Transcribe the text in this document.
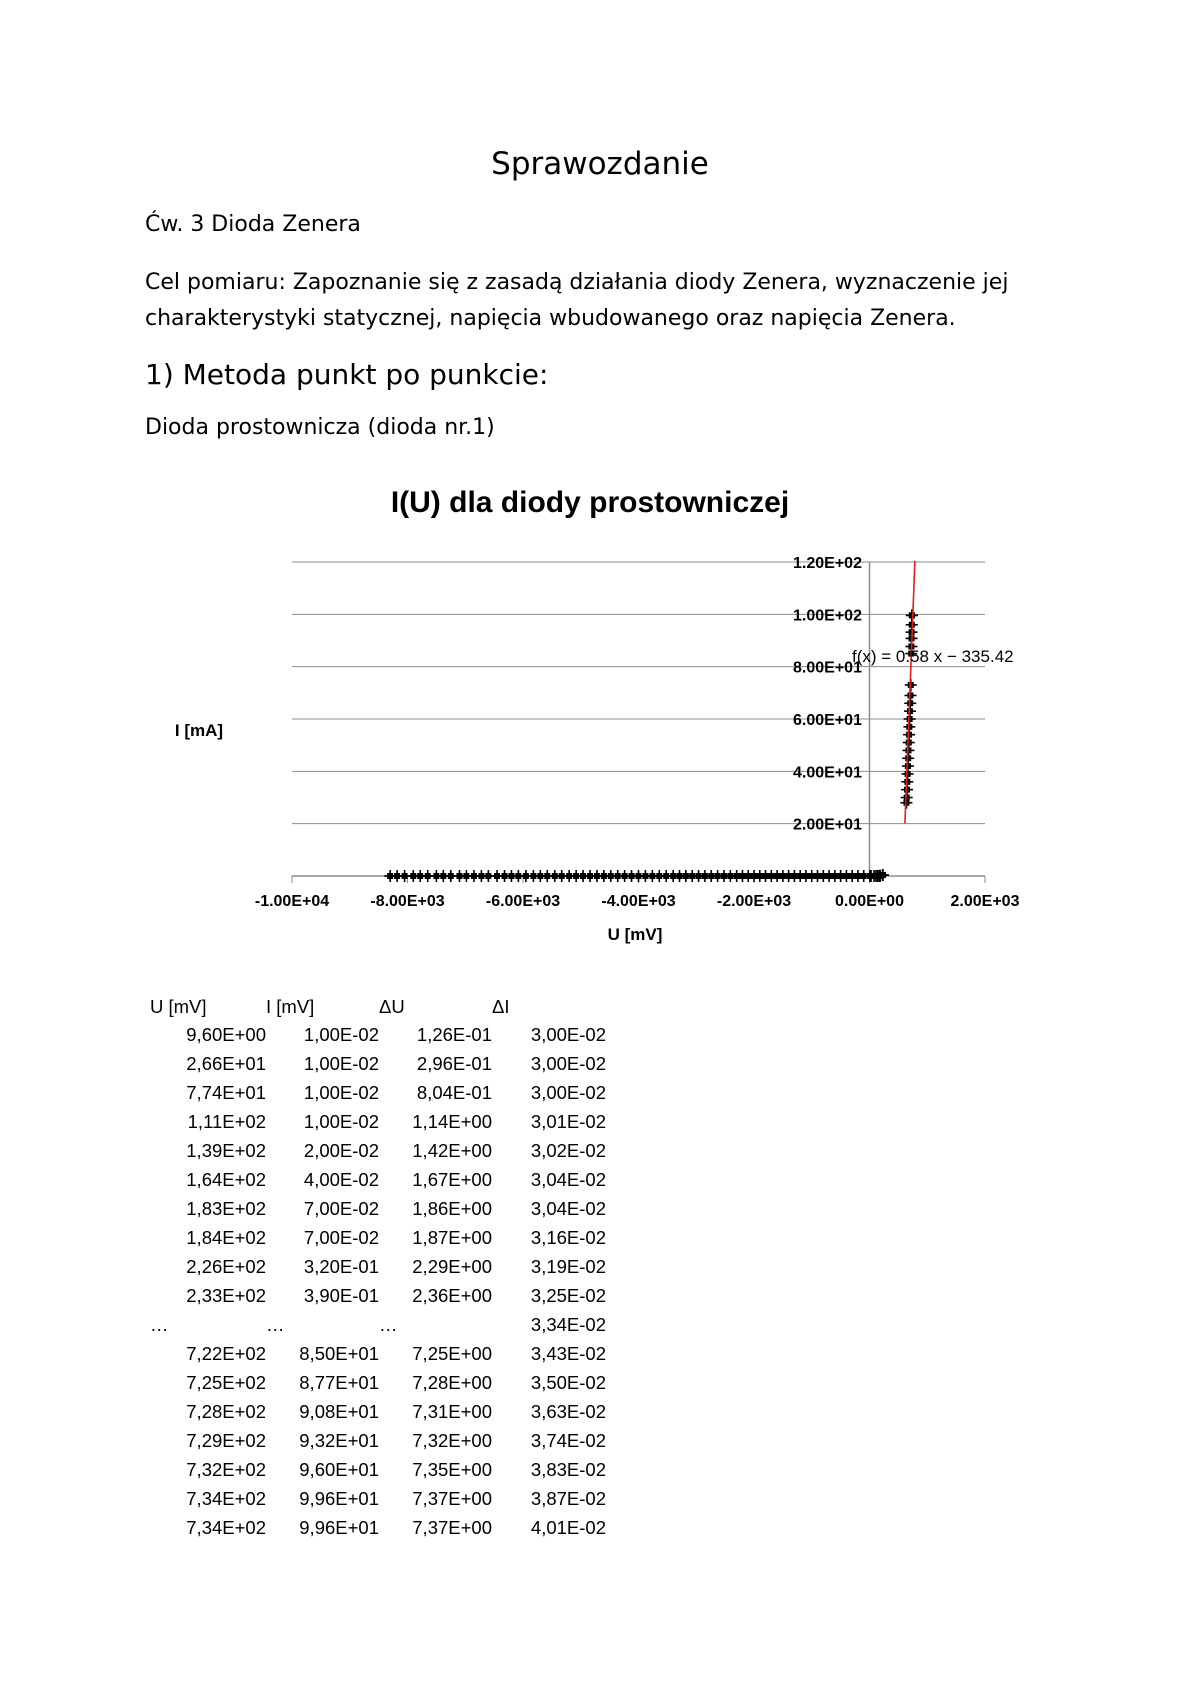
Sprawozdanie

Ćw. 3 Dioda Zenera

Cel pomiaru: Zapoznanie się z zasadą działania diody Zenera, wyznaczenie jej
charakterystyki statycznej, napięcia wbudowanego oraz napięcia Zenera.

1) Metoda punkt po punkcie:

Dioda prostownicza (dioda nr.1)

I(U) dla diody prostowniczej
1.20E+02
1.00E+02
8.00E+01
6.00E+01
4.00E+01
2.00E+01
-1.00E+04	-8.00E+03	-6.00E+03	-4.00E+03	-2.00E+03	0.00E+00	2.00E+03
I [mA]
U [mV]
f(x) = 0.58 x − 335.42
U [mV]	I [mV]	ΔU	ΔI
9,60E+00	1,00E-02	1,26E-01	3,00E-02
2,66E+01	1,00E-02	2,96E-01	3,00E-02
7,74E+01	1,00E-02	8,04E-01	3,00E-02
1,11E+02	1,00E-02	1,14E+00	3,01E-02
1,39E+02	2,00E-02	1,42E+00	3,02E-02
1,64E+02	4,00E-02	1,67E+00	3,04E-02
1,83E+02	7,00E-02	1,86E+00	3,04E-02
1,84E+02	7,00E-02	1,87E+00	3,16E-02
2,26E+02	3,20E-01	2,29E+00	3,19E-02
2,33E+02	3,90E-01	2,36E+00	3,25E-02
…	…	…	3,34E-02
7,22E+02	8,50E+01	7,25E+00	3,43E-02
7,25E+02	8,77E+01	7,28E+00	3,50E-02
7,28E+02	9,08E+01	7,31E+00	3,63E-02
7,29E+02	9,32E+01	7,32E+00	3,74E-02
7,32E+02	9,60E+01	7,35E+00	3,83E-02
7,34E+02	9,96E+01	7,37E+00	3,87E-02
7,34E+02	9,96E+01	7,37E+00	4,01E-02
